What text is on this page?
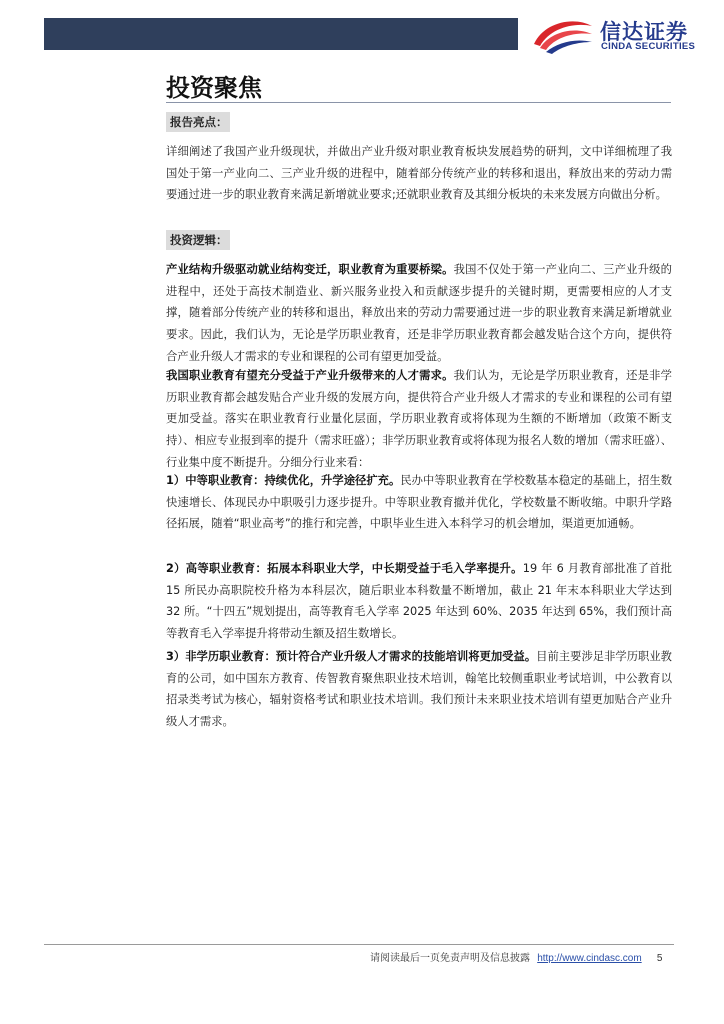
信达证券
CINDA SECURITIES
投资聚焦
报告亮点：

详细阐述了我国产业升级现状，并做出产业升级对职业教育板块发展趋势的研判，文中详细梳理了我国处于第一产业向二、三产业升级的进程中，随着部分传统产业的转移和退出，释放出来的劳动力需要通过进一步的职业教育来满足新增就业要求;还就职业教育及其细分板块的未来发展方向做出分析。

投资逻辑：

产业结构升级驱动就业结构变迁，职业教育为重要桥梁。我国不仅处于第一产业向二、三产业升级的进程中，还处于高技术制造业、新兴服务业投入和贡献逐步提升的关键时期，更需要相应的人才支撑，随着部分传统产业的转移和退出，释放出来的劳动力需要通过进一步的职业教育来满足新增就业要求。因此，我们认为，无论是学历职业教育，还是非学历职业教育都会越发贴合这个方向，提供符合产业升级人才需求的专业和课程的公司有望更加受益。

我国职业教育有望充分受益于产业升级带来的人才需求。我们认为，无论是学历职业教育，还是非学历职业教育都会越发贴合产业升级的发展方向，提供符合产业升级人才需求的专业和课程的公司有望更加受益。落实在职业教育行业量化层面，学历职业教育或将体现为生额的不断增加（政策不断支持）、相应专业报到率的提升（需求旺盛）；非学历职业教育或将体现为报名人数的增加（需求旺盛）、行业集中度不断提升。分细分行业来看：

1）中等职业教育：持续优化，升学途径扩充。民办中等职业教育在学校数基本稳定的基础上，招生数快速增长、体现民办中职吸引力逐步提升。中等职业教育撤并优化，学校数量不断收缩。中职升学路径拓展，随着“职业高考”的推行和完善，中职毕业生进入本科学习的机会增加，渠道更加通畅。

2）高等职业教育：拓展本科职业大学，中长期受益于毛入学率提升。19 年 6 月教育部批准了首批 15 所民办高职院校升格为本科层次，随后职业本科数量不断增加，截止 21 年末本科职业大学达到 32 所。“十四五”规划提出，高等教育毛入学率 2025 年达到 60%、2035 年达到 65%，我们预计高等教育毛入学率提升将带动生额及招生数增长。

3）非学历职业教育：预计符合产业升级人才需求的技能培训将更加受益。目前主要涉足非学历职业教育的公司，如中国东方教育、传智教育聚焦职业技术培训，翰笔比较侧重职业考试培训，中公教育以招录类考试为核心，辐射资格考试和职业技术培训。我们预计未来职业技术培训有望更加贴合产业升级人才需求。

请阅读最后一页免责声明及信息披露 http://www.cindasc.com 5
